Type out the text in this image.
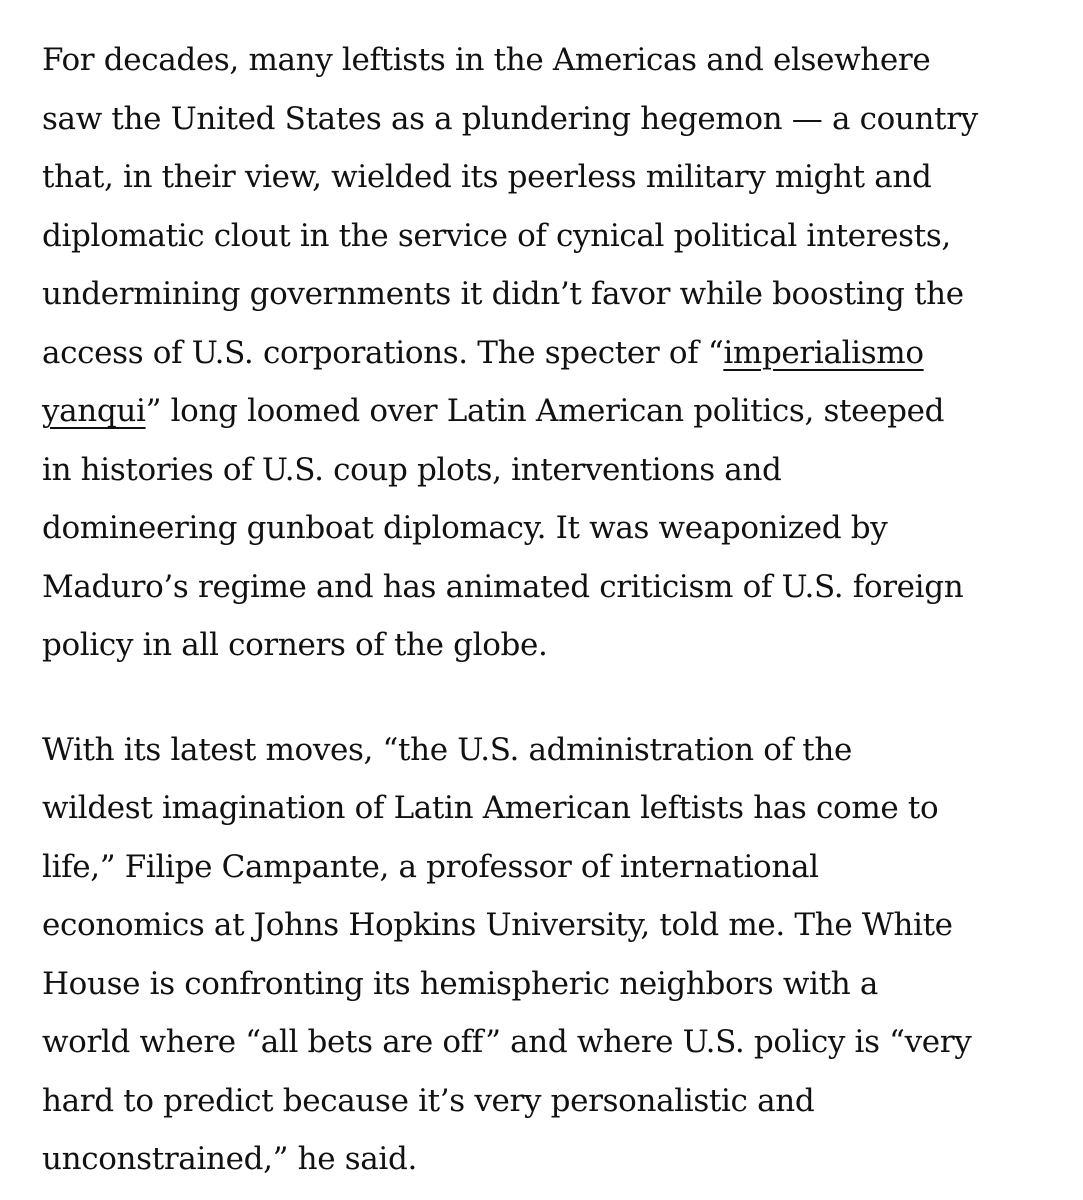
For decades, many leftists in the Americas and elsewhere
saw the United States as a plundering hegemon — a country
that, in their view, wielded its peerless military might and
diplomatic clout in the service of cynical political interests,
undermining governments it didn’t favor while boosting the
access of U.S. corporations. The specter of “imperialismo
yanqui” long loomed over Latin American politics, steeped
in histories of U.S. coup plots, interventions and
domineering gunboat diplomacy. It was weaponized by
Maduro’s regime and has animated criticism of U.S. foreign
policy in all corners of the globe.

With its latest moves, “the U.S. administration of the
wildest imagination of Latin American leftists has come to
life,” Filipe Campante, a professor of international
economics at Johns Hopkins University, told me. The White
House is confronting its hemispheric neighbors with a
world where “all bets are off” and where U.S. policy is “very
hard to predict because it’s very personalistic and
unconstrained,” he said.
